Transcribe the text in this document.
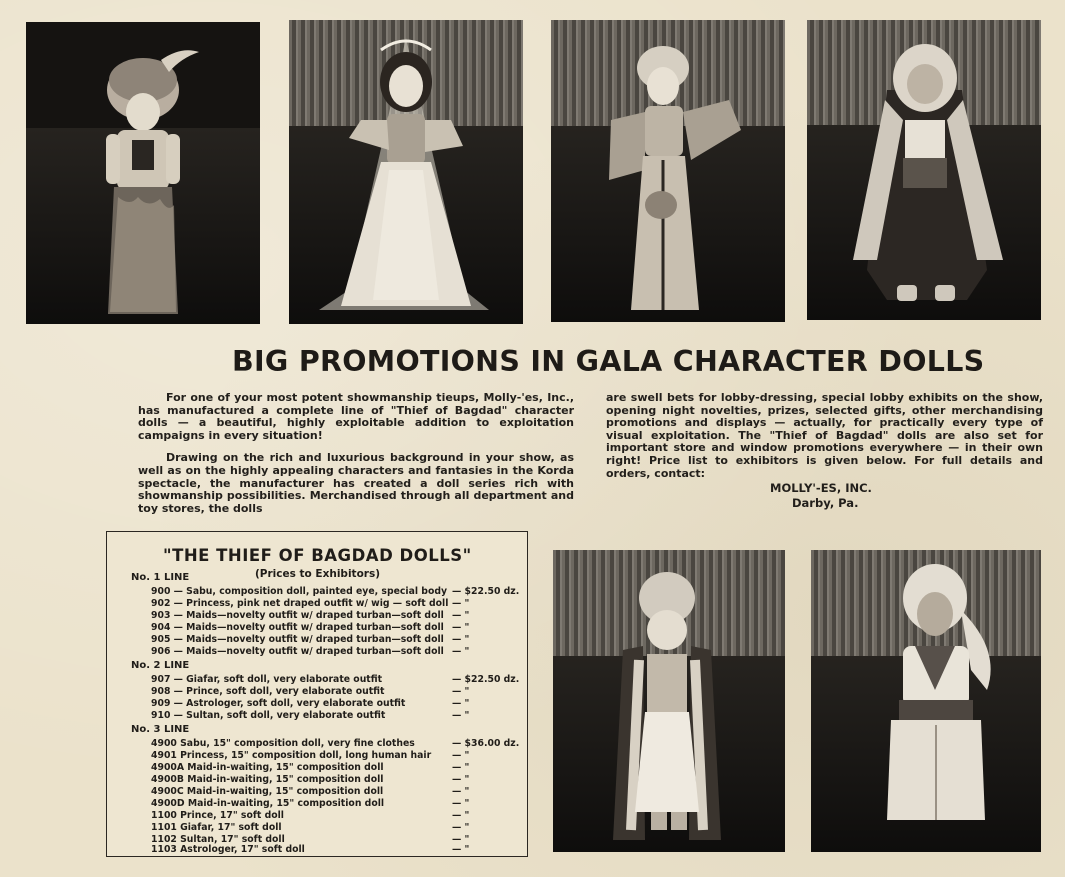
BIG PROMOTIONS IN GALA CHARACTER DOLLS

For one of your most potent showmanship tieups, Molly-'es, Inc., has manufactured a complete line of "Thief of Bagdad" character dolls — a beautiful, highly exploitable addition to exploitation campaigns in every situation!

Drawing on the rich and luxurious background in your show, as well as on the highly appealing characters and fantasies in the Korda spectacle, the manufacturer has created a doll series rich with showmanship possibilities. Merchandised through all department and toy stores, the dolls

are swell bets for lobby-dressing, special lobby exhibits on the show, opening night novelties, prizes, selected gifts, other merchandising promotions and displays — actually, for practically every type of visual exploitation. The "Thief of Bagdad" dolls are also set for important store and window promotions everywhere — in their own right! Price list to exhibitors is given below. For full details and orders, contact:

MOLLY'-ES, INC.
Darby, Pa.
"THE THIEF OF BAGDAD DOLLS"
(Prices to Exhibitors)
No. 1 LINE
900 — Sabu, composition doll, painted eye, special body — $22.50 dz.
902 — Princess, pink net draped outfit w/ wig — soft doll — "
903 — Maids—novelty outfit w/ draped turban—soft doll — "
904 — Maids—novelty outfit w/ draped turban—soft doll — "
905 — Maids—novelty outfit w/ draped turban—soft doll — "
906 — Maids—novelty outfit w/ draped turban—soft doll — "
No. 2 LINE
907 — Giafar, soft doll, very elaborate outfit	— $22.50 dz.
908 — Prince, soft doll, very elaborate outfit	— "
909 — Astrologer, soft doll, very elaborate outfit	— "
910 — Sultan, soft doll, very elaborate outfit	— "
No. 3 LINE
4900 Sabu, 15" composition doll, very fine clothes	— $36.00 dz.
4901 Princess, 15" composition doll, long human hair — "
4900A Maid-in-waiting, 15" composition doll	— "
4900B Maid-in-waiting, 15" composition doll	— "
4900C Maid-in-waiting, 15" composition doll	— "
4900D Maid-in-waiting, 15" composition doll	— "
1100 Prince, 17" soft doll	— "
1101 Giafar, 17" soft doll	— "
1102 Sultan, 17" soft doll	— "
1103 Astrologer, 17" soft doll	— "
